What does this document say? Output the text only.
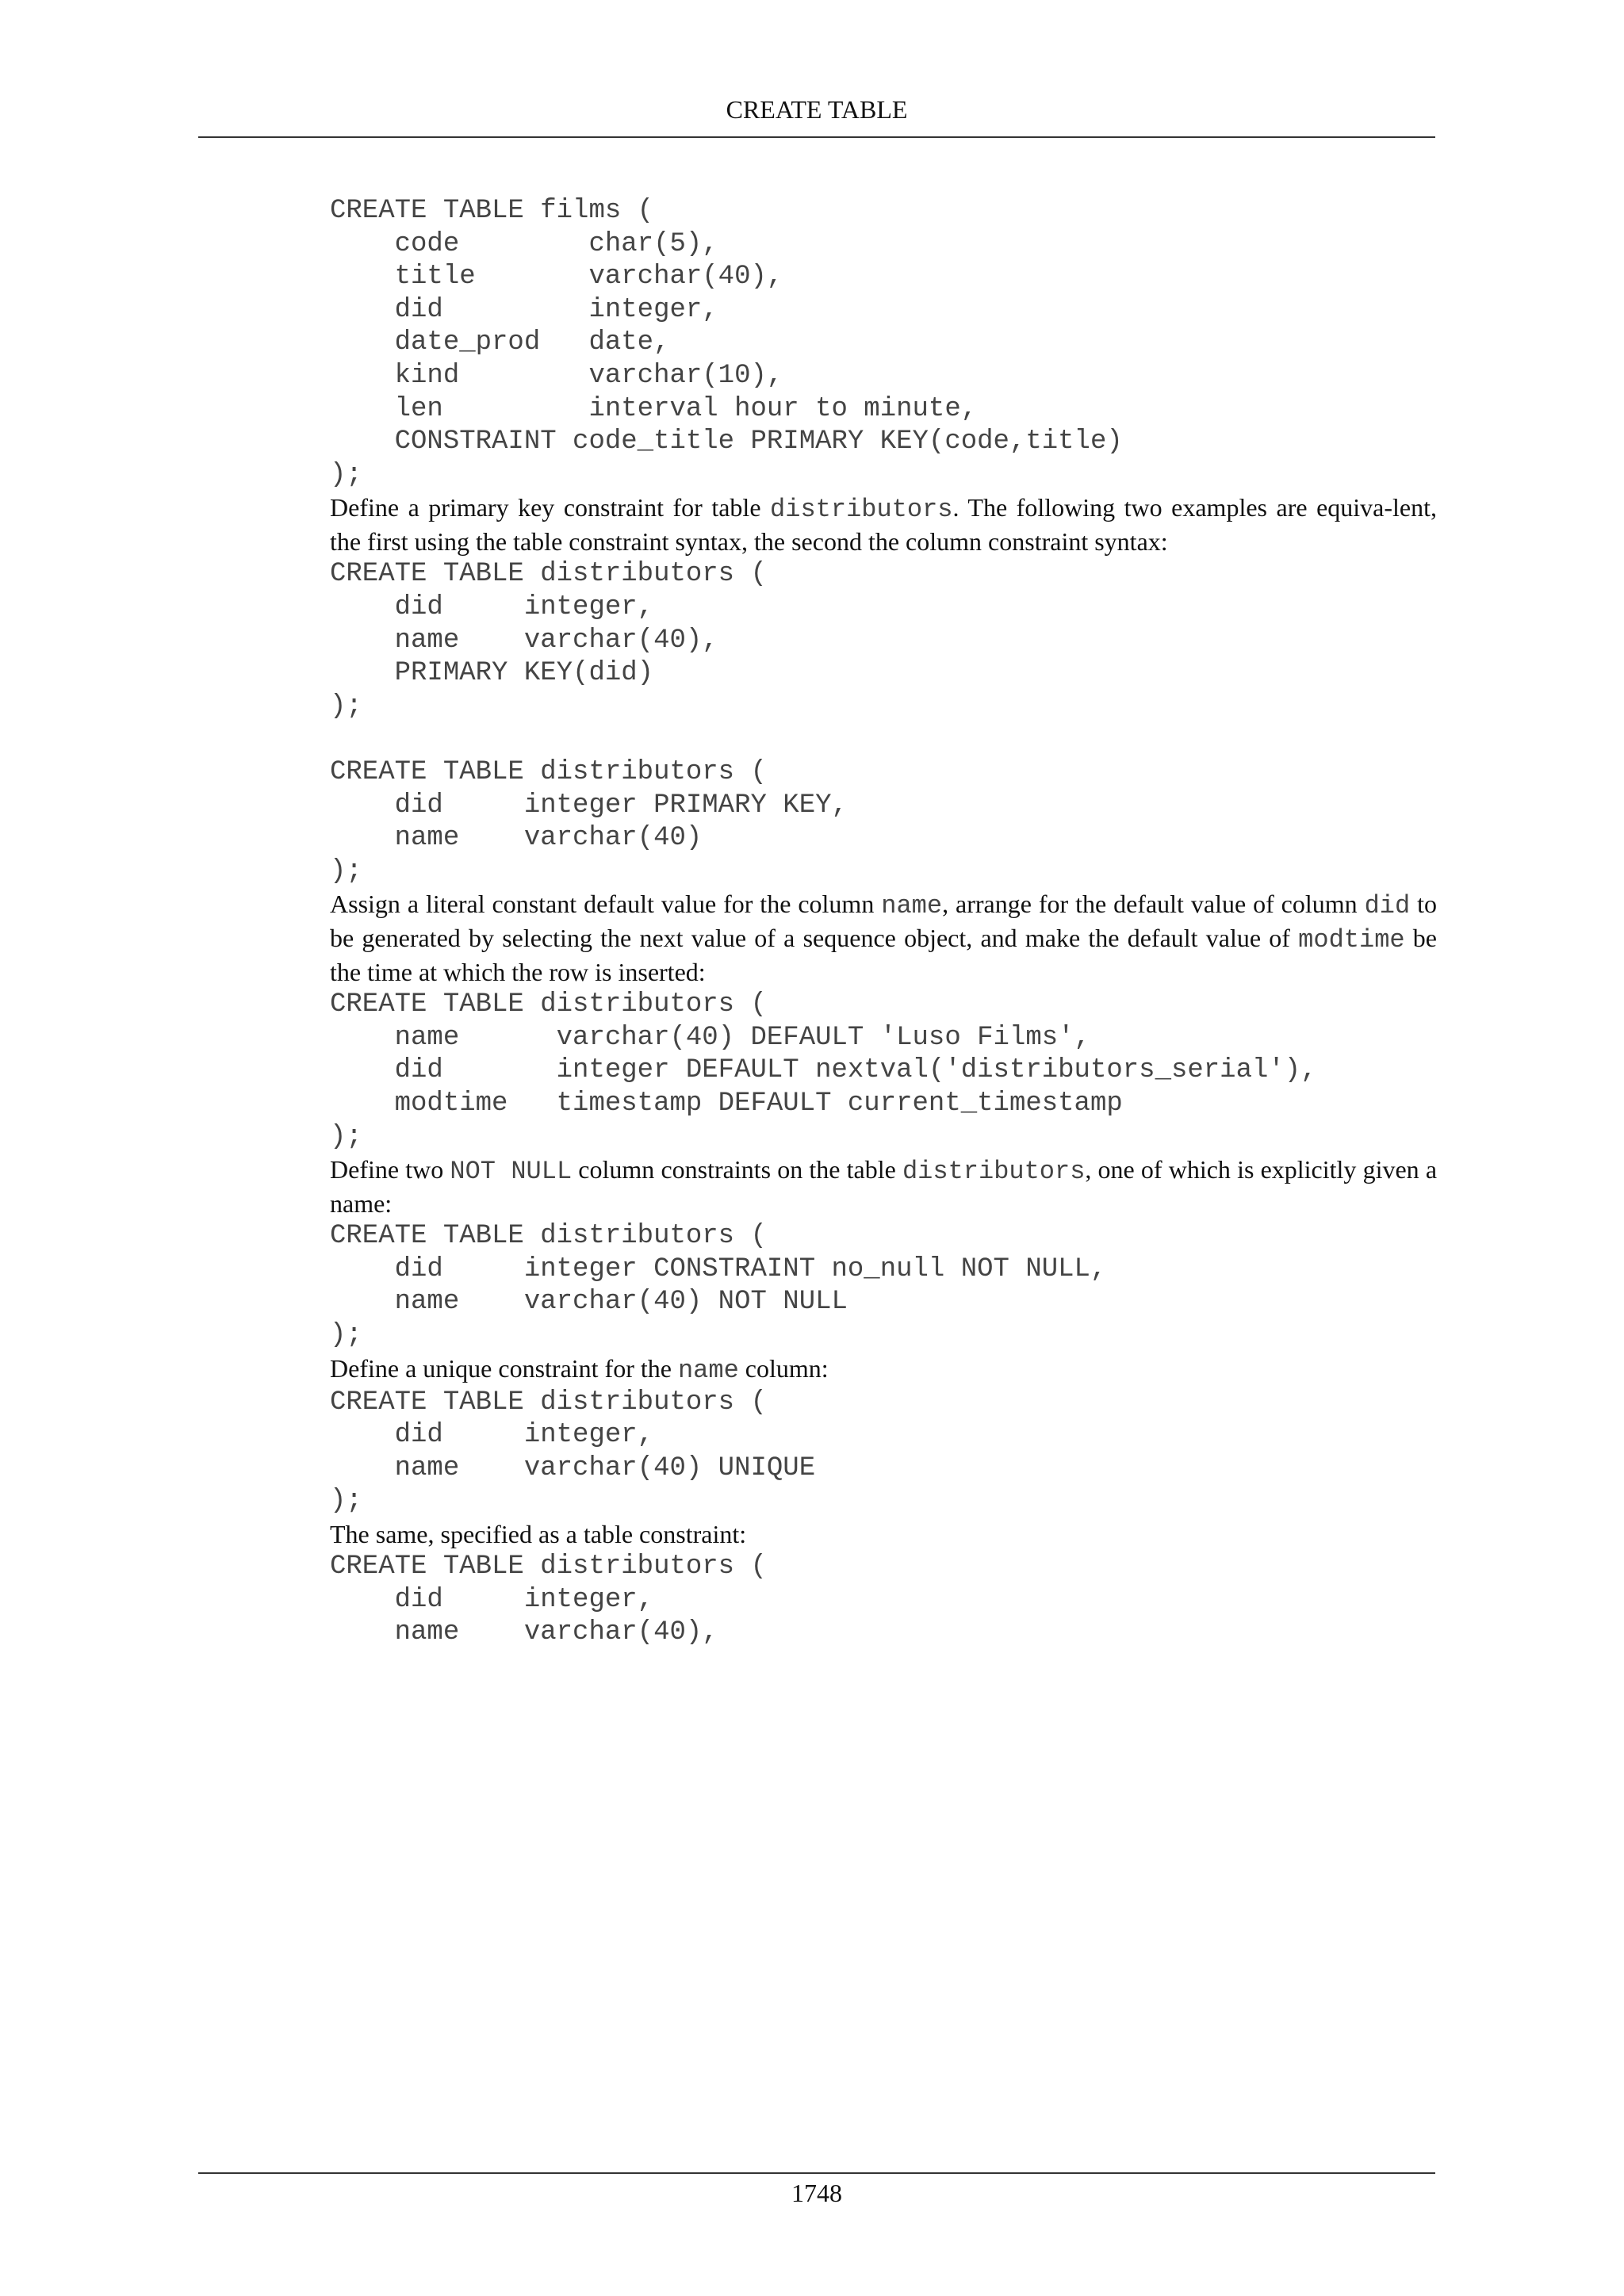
CREATE TABLE
CREATE TABLE films (
code        char(5),
title       varchar(40),
did         integer,
date_prod   date,
kind        varchar(10),
len         interval hour to minute,
CONSTRAINT code_title PRIMARY KEY(code,title)
);

Define a primary key constraint for table distributors. The following two examples are equiva-lent, the first using the table constraint syntax, the second the column constraint syntax:

CREATE TABLE distributors (
did     integer,
name    varchar(40),
PRIMARY KEY(did)
);

CREATE TABLE distributors (
did     integer PRIMARY KEY,
name    varchar(40)
);

Assign a literal constant default value for the column name, arrange for the default value of column did to be generated by selecting the next value of a sequence object, and make the default value of modtime be the time at which the row is inserted:

CREATE TABLE distributors (
name      varchar(40) DEFAULT 'Luso Films',
did       integer DEFAULT nextval('distributors_serial'),
modtime   timestamp DEFAULT current_timestamp
);

Define two NOT NULL column constraints on the table distributors, one of which is explicitly given a name:

CREATE TABLE distributors (
did     integer CONSTRAINT no_null NOT NULL,
name    varchar(40) NOT NULL
);

Define a unique constraint for the name column:

CREATE TABLE distributors (
did     integer,
name    varchar(40) UNIQUE
);

The same, specified as a table constraint:

CREATE TABLE distributors (
did     integer,
name    varchar(40),
1748
